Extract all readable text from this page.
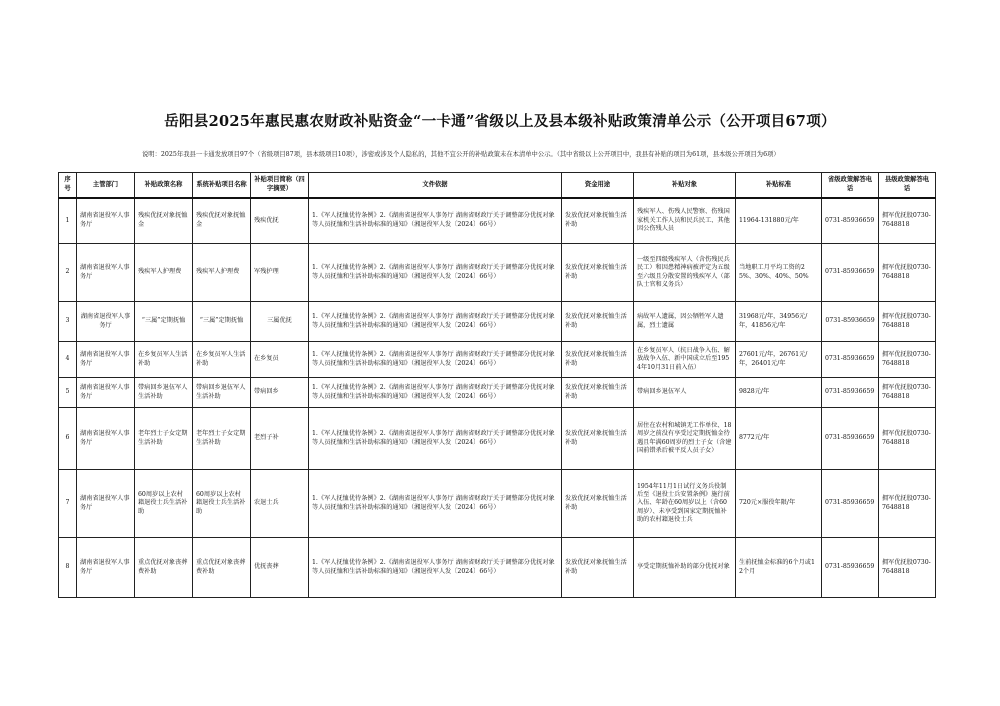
岳阳县2025年惠民惠农财政补贴资金“一卡通”省级以上及县本级补贴政策清单公示（公开项目67项）
说明：2025年我县一卡通发放项目97个（省级项目87项，县本级项目10项），涉密或涉及个人隐私的，其他不宜公开的补贴政策未在本清单中公示。（其中省级以上公开项目中，我县有补贴的项目为61项，县本级公开项目为6项）
序号	主管部门	补贴政策名称	系统补贴项目名称	补贴项目简称（四字摘要）	文件依据	资金用途	补贴对象	补贴标准	省级政策解答电话	县级政策解答电话
1	湖南省退役军人事务厅	残疾优抚对象抚恤金	残疾优抚对象抚恤金	残疾优抚	1.《军人抚恤优待条例》2.《湖南省退役军人事务厅 湖南省财政厅关于调整部分优抚对象等人员抚恤和生活补助标准的通知》（湘退役军人发〔2024〕66号）	发放优抚对象抚恤生活补助	残疾军人、伤残人民警察、伤残国家机关工作人员和民兵民工、其他因公伤残人员	11964-131880元/年	0731-85936659	拥军优抚股0730-7648818
2	湖南省退役军人事务厅	残疾军人护理费	残疾军人护理费	军残护理	1.《军人抚恤优待条例》2.《湖南省退役军人事务厅 湖南省财政厅关于调整部分优抚对象等人员抚恤和生活补助标准的通知》（湘退役军人发〔2024〕66号）	发放优抚对象抚恤生活补助	一级至四级残疾军人（含伤残民兵民工）和因患精神病被评定为五级至六级且分散安置的残疾军人（部队士官和义务兵）	当地职工月平均工资的25%、30%、40%、50%	0731-85936659	拥军优抚股0730-7648818
3	湖南省退役军人事务厅	“三属”定期抚恤	“三属”定期抚恤	三属优抚	1.《军人抚恤优待条例》2.《湖南省退役军人事务厅 湖南省财政厅关于调整部分优抚对象等人员抚恤和生活补助标准的通知》（湘退役军人发〔2024〕66号）	发放优抚对象抚恤生活补助	病故军人遗属，因公牺牲军人遗属，烈士遗属	31968元/年，34956元/年，41856元/年	0731-85936659	拥军优抚股0730-7648818
4	湖南省退役军人事务厅	在乡复员军人生活补助	在乡复员军人生活补助	在乡复员	1.《军人抚恤优待条例》2.《湖南省退役军人事务厅 湖南省财政厅关于调整部分优抚对象等人员抚恤和生活补助标准的通知》（湘退役军人发〔2024〕66号）	发放优抚对象抚恤生活补助	在乡复员军人（抗日战争入伍、解放战争入伍、新中国成立后至1954年10月31日前入伍）	27601元/年，26761元/年，26401元/年	0731-85936659	拥军优抚股0730-7648818
5	湖南省退役军人事务厅	带病回乡退伍军人生活补助	带病回乡退伍军人生活补助	带病回乡	1.《军人抚恤优待条例》2.《湖南省退役军人事务厅 湖南省财政厅关于调整部分优抚对象等人员抚恤和生活补助标准的通知》（湘退役军人发〔2024〕66号）	发放优抚对象抚恤生活补助	带病回乡退伍军人	9828元/年	0731-85936659	拥军优抚股0730-7648818
6	湖南省退役军人事务厅	老年烈士子女定期生活补助	老年烈士子女定期生活补助	老烈子补	1.《军人抚恤优待条例》2.《湖南省退役军人事务厅 湖南省财政厅关于调整部分优抚对象等人员抚恤和生活补助标准的通知》（湘退役军人发〔2024〕66号）	发放优抚对象抚恤生活补助	居住在农村和城镇无工作单位、18周岁之前没有享受过定期抚恤金待遇且年满60周岁的烈士子女（含建国前错杀后被平反人员子女）	8772元/年	0731-85936659	拥军优抚股0730-7648818
7	湖南省退役军人事务厅	60周岁以上农村籍退役士兵生活补助	60周岁以上农村籍退役士兵生活补助	农退士兵	1.《军人抚恤优待条例》2.《湖南省退役军人事务厅 湖南省财政厅关于调整部分优抚对象等人员抚恤和生活补助标准的通知》（湘退役军人发〔2024〕66号）	发放优抚对象抚恤生活补助	1954年11月1日试行义务兵役制后至《退役士兵安置条例》施行前入伍、年龄在60周岁以上（含60周岁）、未享受到国家定期抚恤补助的农村籍退役士兵	720元×服役年限/年	0731-85936659	拥军优抚股0730-7648818
8	湖南省退役军人事务厅	重点优抚对象丧葬费补助	重点优抚对象丧葬费补助	优抚丧葬	1.《军人抚恤优待条例》2.《湖南省退役军人事务厅 湖南省财政厅关于调整部分优抚对象等人员抚恤和生活补助标准的通知》（湘退役军人发〔2024〕66号）	发放优抚对象抚恤生活补助	享受定期抚恤补助的部分优抚对象	生前抚恤金标准的6个月或12个月	0731-85936659	拥军优抚股0730-7648818
